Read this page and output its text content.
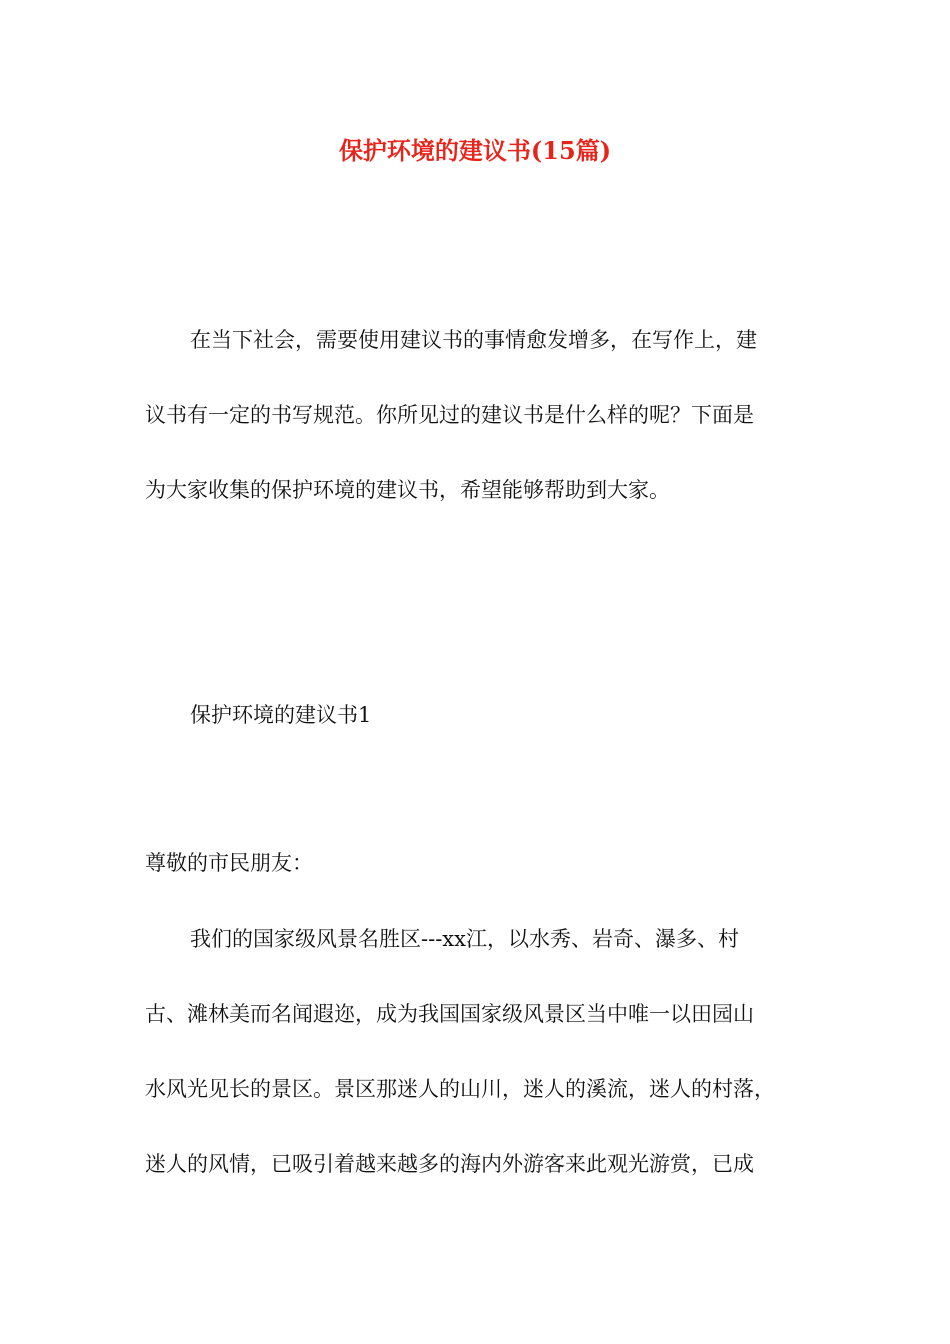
保护环境的建议书(15篇)

在当下社会，需要使用建议书的事情愈发增多，在写作上，建

议书有一定的书写规范。你所见过的建议书是什么样的呢？下面是

为大家收集的保护环境的建议书，希望能够帮助到大家。

保护环境的建议书1

尊敬的市民朋友：

我们的国家级风景名胜区---xx江，以水秀、岩奇、瀑多、村

古、滩林美而名闻遐迩，成为我国国家级风景区当中唯一以田园山

水风光见长的景区。景区那迷人的山川，迷人的溪流，迷人的村落，

迷人的风情，已吸引着越来越多的海内外游客来此观光游赏，已成
